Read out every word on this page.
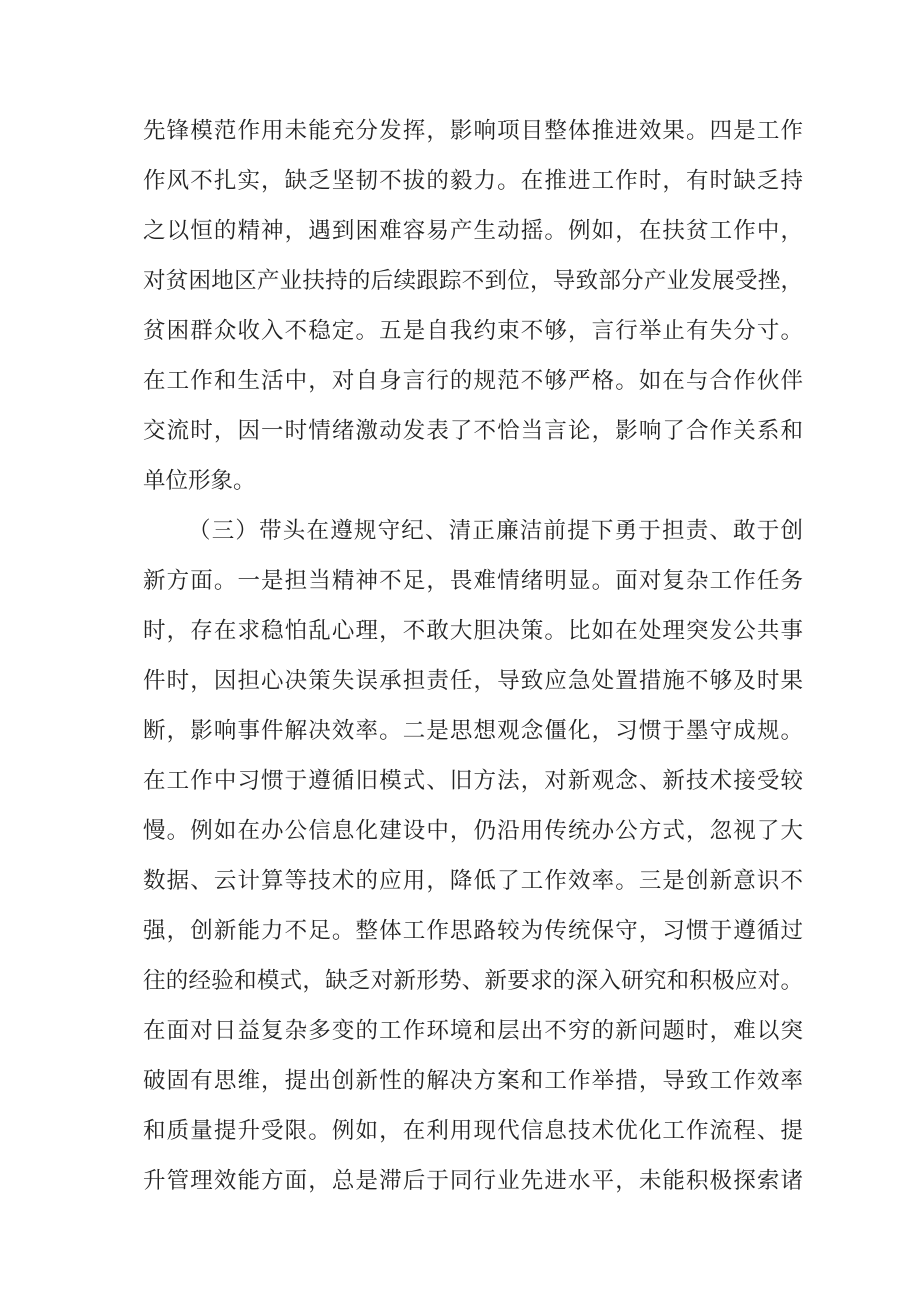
先锋模范作用未能充分发挥，影响项目整体推进效果。四是工作
作风不扎实，缺乏坚韧不拔的毅力。在推进工作时，有时缺乏持
之以恒的精神，遇到困难容易产生动摇。例如，在扶贫工作中，
对贫困地区产业扶持的后续跟踪不到位，导致部分产业发展受挫，
贫困群众收入不稳定。五是自我约束不够，言行举止有失分寸。
在工作和生活中，对自身言行的规范不够严格。如在与合作伙伴
交流时，因一时情绪激动发表了不恰当言论，影响了合作关系和
单位形象。
（三）带头在遵规守纪、清正廉洁前提下勇于担责、敢于创
新方面。一是担当精神不足，畏难情绪明显。面对复杂工作任务
时，存在求稳怕乱心理，不敢大胆决策。比如在处理突发公共事
件时，因担心决策失误承担责任，导致应急处置措施不够及时果
断，影响事件解决效率。二是思想观念僵化，习惯于墨守成规。
在工作中习惯于遵循旧模式、旧方法，对新观念、新技术接受较
慢。例如在办公信息化建设中，仍沿用传统办公方式，忽视了大
数据、云计算等技术的应用，降低了工作效率。三是创新意识不
强，创新能力不足。整体工作思路较为传统保守，习惯于遵循过
往的经验和模式，缺乏对新形势、新要求的深入研究和积极应对。
在面对日益复杂多变的工作环境和层出不穷的新问题时，难以突
破固有思维，提出创新性的解决方案和工作举措，导致工作效率
和质量提升受限。例如，在利用现代信息技术优化工作流程、提
升管理效能方面，总是滞后于同行业先进水平，未能积极探索诸
